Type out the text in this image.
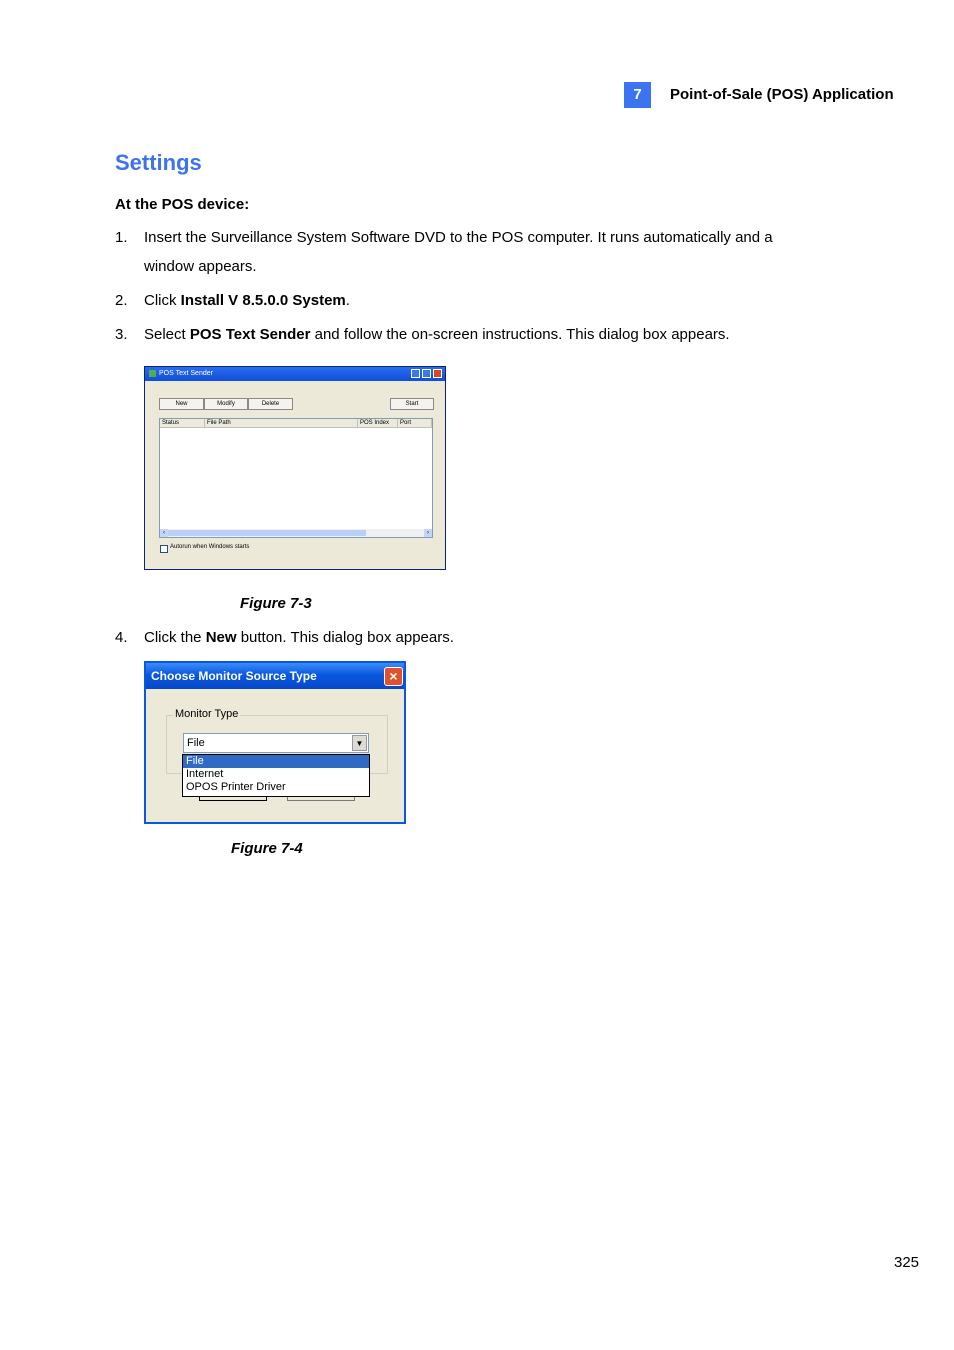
7	Point-of-Sale (POS) Application
Settings
At the POS device:
1. Insert the Surveillance System Software DVD to the POS computer. It runs automatically and a
window appears.
2. Click Install V 8.5.0.0 System.
3. Select POS Text Sender and follow the on-screen instructions. This dialog box appears.
POS Text Sender
New	Modify	Delete	Start
Status	File Path	POS Index	Port
‹	›
Autorun when Windows starts
Figure 7-3
4. Click the New button. This dialog box appears.
Choose Monitor Source Type	×
Monitor Type
File	▼
File
Internet
OPOS Printer Driver
Figure 7-4
325
